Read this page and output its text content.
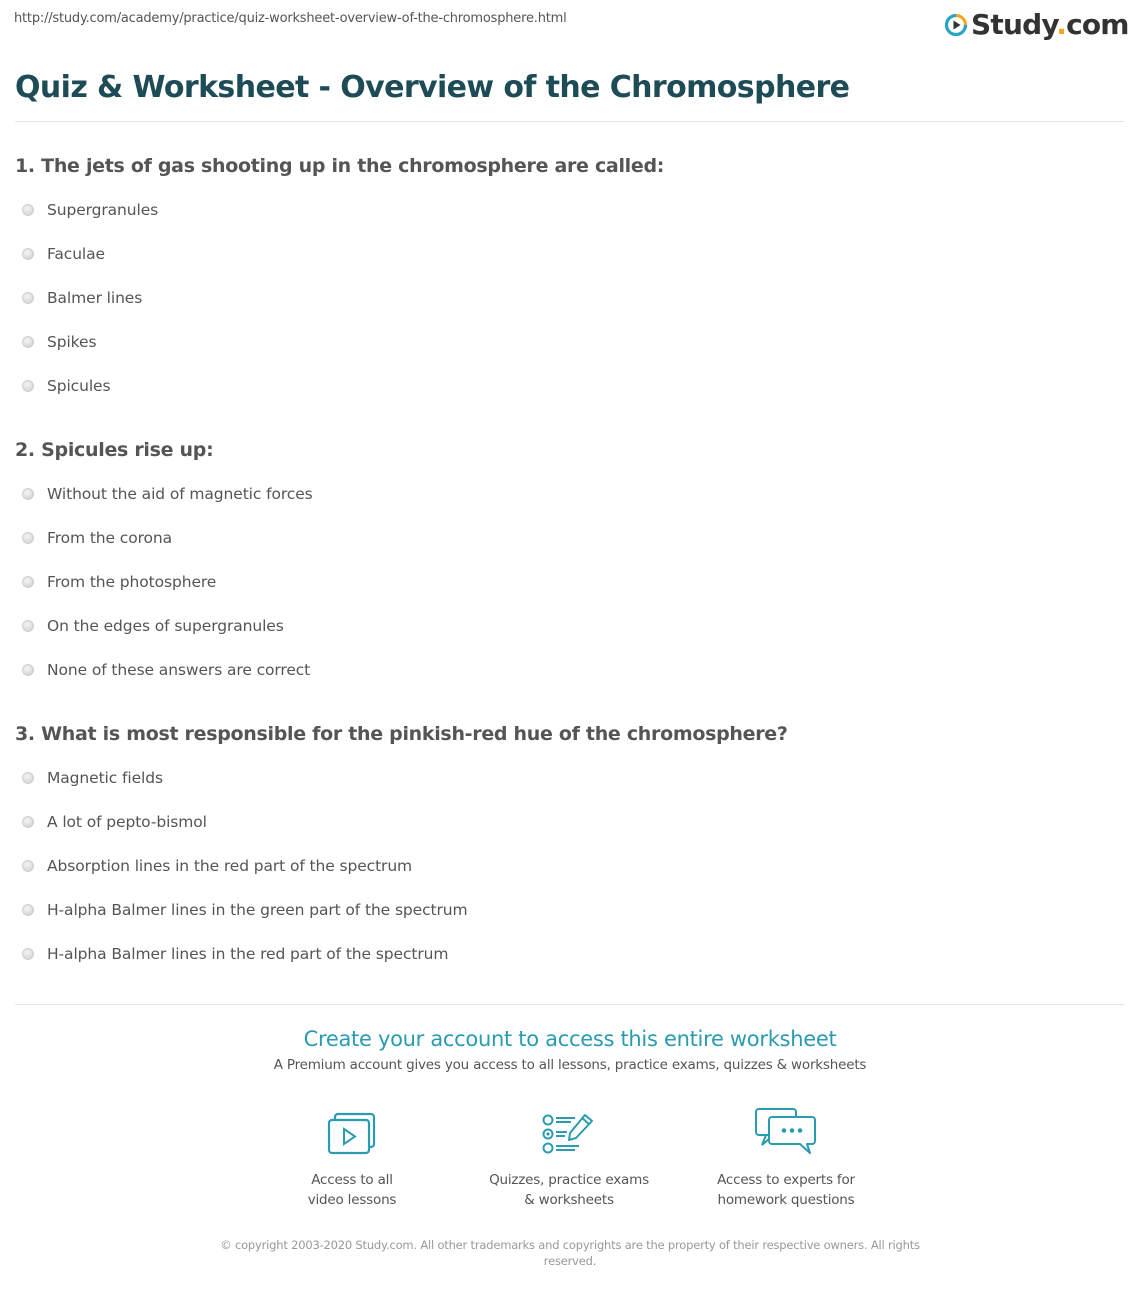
http://study.com/academy/practice/quiz-worksheet-overview-of-the-chromosphere.html	Study.com
Quiz & Worksheet - Overview of the Chromosphere
1. The jets of gas shooting up in the chromosphere are called:
Supergranules
Faculae
Balmer lines
Spikes
Spicules
2. Spicules rise up:
Without the aid of magnetic forces
From the corona
From the photosphere
On the edges of supergranules
None of these answers are correct
3. What is most responsible for the pinkish-red hue of the chromosphere?
Magnetic fields
A lot of pepto-bismol
Absorption lines in the red part of the spectrum
H-alpha Balmer lines in the green part of the spectrum
H-alpha Balmer lines in the red part of the spectrum
Create your account to access this entire worksheet
A Premium account gives you access to all lessons, practice exams, quizzes & worksheets
Access to all
video lessons
Quizzes, practice exams
& worksheets
Access to experts for
homework questions
© copyright 2003-2020 Study.com. All other trademarks and copyrights are the property of their respective owners. All rights reserved.
